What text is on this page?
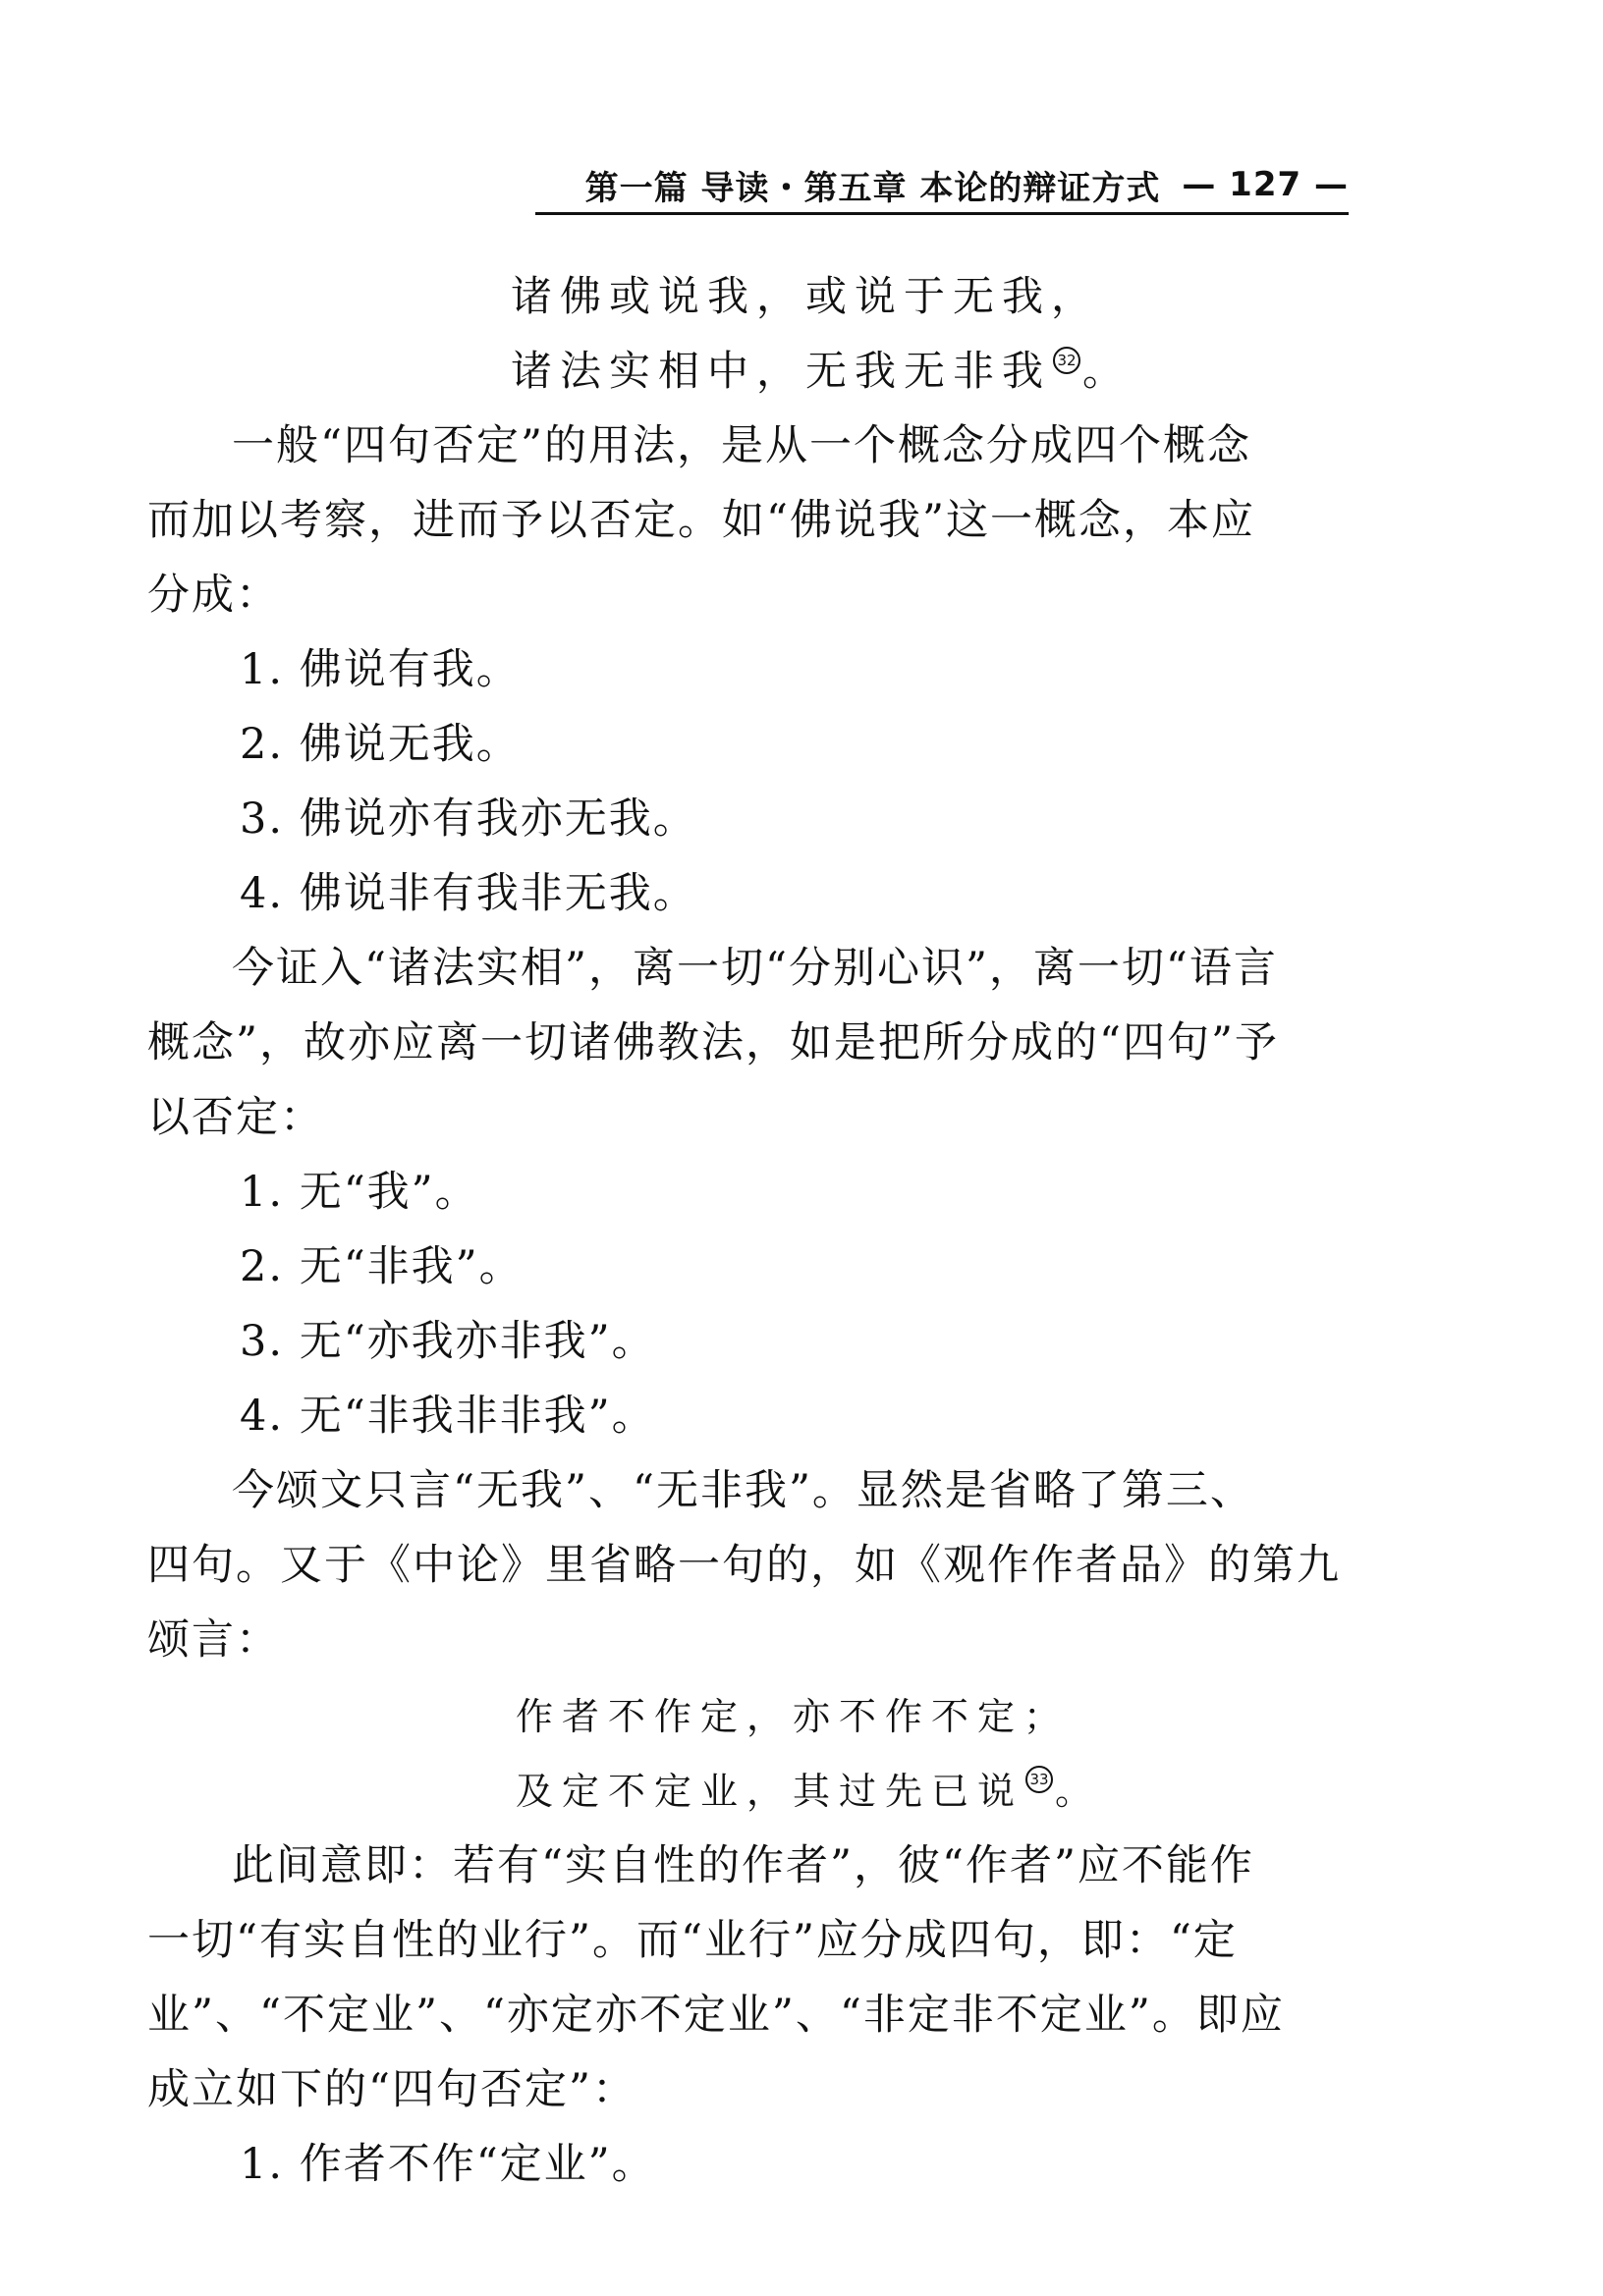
第一篇 导读・第五章 本论的辩证方式 — 127 —
诸佛或说我，或说于无我，
诸法实相中，无我无非我 32 。
一般“四句否定”的用法，是从一个概念分成四个概念
而加以考察，进而予以否定。如“佛说我”这一概念，本应
分成：
1. 佛说有我。
2. 佛说无我。
3. 佛说亦有我亦无我。
4. 佛说非有我非无我。
今证入“诸法实相”，离一切“分别心识”，离一切“语言
概念”，故亦应离一切诸佛教法，如是把所分成的“四句”予
以否定：
1. 无“我”。
2. 无“非我”。
3. 无“亦我亦非我”。
4. 无“非我非非我”。
今颂文只言“无我”、“无非我”。显然是省略了第三、
四句。又于《中论》里省略一句的，如《观作作者品》的第九
颂言：
作者不作定，亦不作不定；
及定不定业，其过先已说 33 。
此间意即：若有“实自性的作者”，彼“作者”应不能作
一切“有实自性的业行”。而“业行”应分成四句，即：“定
业”、“不定业”、“亦定亦不定业”、“非定非不定业”。即应
成立如下的“四句否定”：
1. 作者不作“定业”。
